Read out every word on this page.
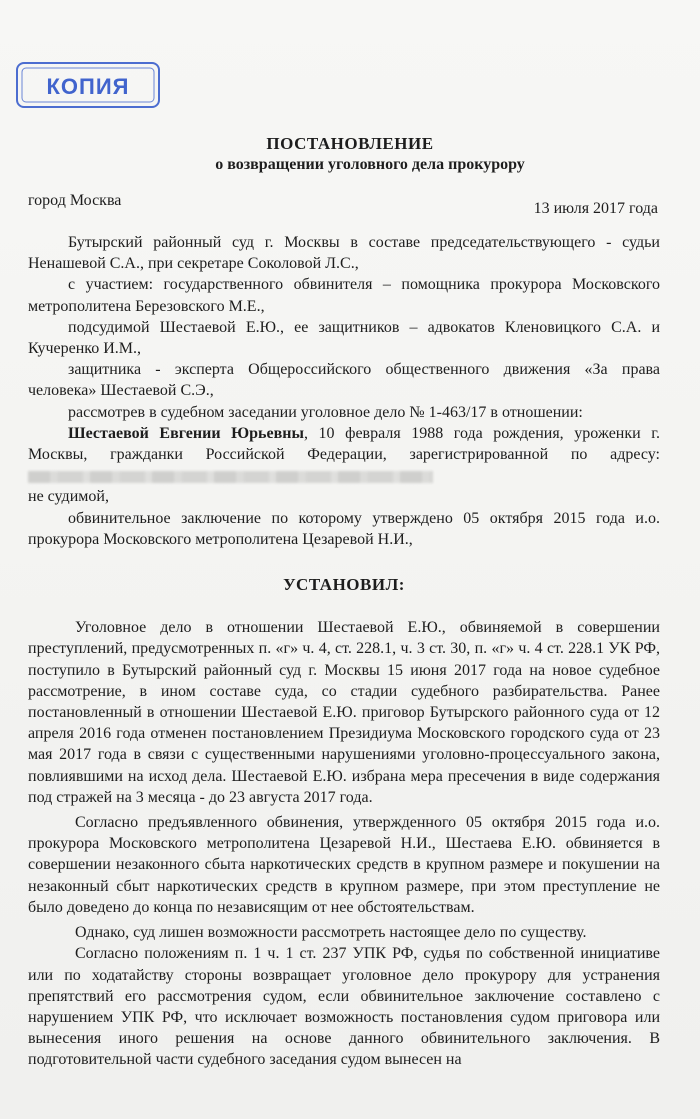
КОПИЯ
ПОСТАНОВЛЕНИЕ
о возвращении уголовного дела прокурору
город Москва	13 июля 2017 года

Бутырский районный суд г. Москвы в составе председательствующего - судьи Ненашевой С.А., при секретаре Соколовой Л.С.,

с участием: государственного обвинителя – помощника прокурора Московского метрополитена Березовского М.Е.,

подсудимой Шестаевой Е.Ю., ее защитников – адвокатов Кленовицкого С.А. и Кучеренко И.М.,

защитника - эксперта Общероссийского общественного движения «За права человека» Шестаевой С.Э.,

рассмотрев в судебном заседании уголовное дело № 1-463/17 в отношении:

Шестаевой Евгении Юрьевны, 10 февраля 1988 года рождения, уроженки г. Москвы, гражданки Российской Федерации, зарегистрированной по адресу:

не судимой,

обвинительное заключение по которому утверждено 05 октября 2015 года и.о. прокурора Московского метрополитена Цезаревой Н.И.,

УСТАНОВИЛ:

Уголовное дело в отношении Шестаевой Е.Ю., обвиняемой в совершении преступлений, предусмотренных п. «г» ч. 4, ст. 228.1, ч. 3 ст. 30, п. «г» ч. 4 ст. 228.1 УК РФ, поступило в Бутырский районный суд г. Москвы 15 июня 2017 года на новое судебное рассмотрение, в ином составе суда, со стадии судебного разбирательства. Ранее постановленный в отношении Шестаевой Е.Ю. приговор Бутырского районного суда от 12 апреля 2016 года отменен постановлением Президиума Московского городского суда от 23 мая 2017 года в связи с существенными нарушениями уголовно-процессуального закона, повлиявшими на исход дела. Шестаевой Е.Ю. избрана мера пресечения в виде содержания под стражей на 3 месяца - до 23 августа 2017 года.

Согласно предъявленного обвинения, утвержденного 05 октября 2015 года и.о. прокурора Московского метрополитена Цезаревой Н.И., Шестаева Е.Ю. обвиняется в совершении незаконного сбыта наркотических средств в крупном размере и покушении на незаконный сбыт наркотических средств в крупном размере, при этом преступление не было доведено до конца по независящим от нее обстоятельствам.

Однако, суд лишен возможности рассмотреть настоящее дело по существу.

Согласно положениям п. 1 ч. 1 ст. 237 УПК РФ, судья по собственной инициативе или по ходатайству стороны возвращает уголовное дело прокурору для устранения препятствий его рассмотрения судом, если обвинительное заключение составлено с нарушением УПК РФ, что исключает возможность постановления судом приговора или вынесения иного решения на основе данного обвинительного заключения. В подготовительной части судебного заседания судом вынесен на
